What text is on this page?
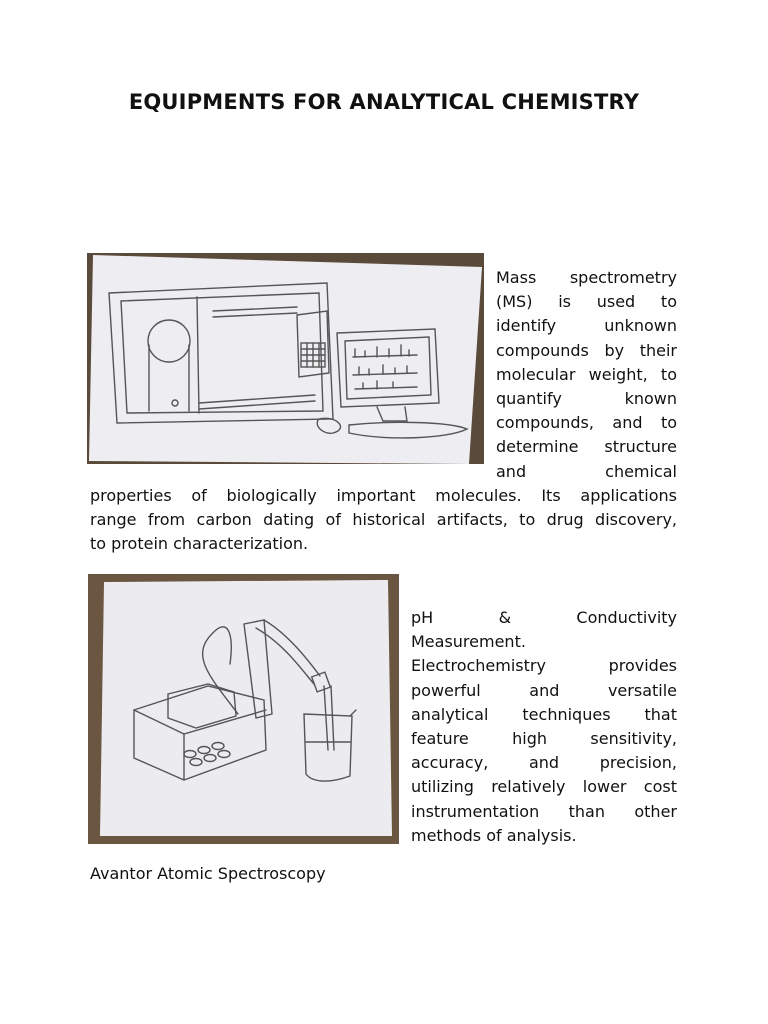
EQUIPMENTS FOR ANALYTICAL CHEMISTRY
Mass spectrometry
(MS) is used to
identify unknown
compounds by their
molecular weight, to
quantify known
compounds, and to
determine structure
and chemical
properties of biologically important molecules. Its applications
range from carbon dating of historical artifacts, to drug discovery,
to protein characterization.
pH & Conductivity
Measurement.
Electrochemistry provides
powerful and versatile
analytical techniques that
feature high sensitivity,
accuracy, and precision,
utilizing relatively lower cost
instrumentation than other
methods of analysis.
Avantor Atomic Spectroscopy
